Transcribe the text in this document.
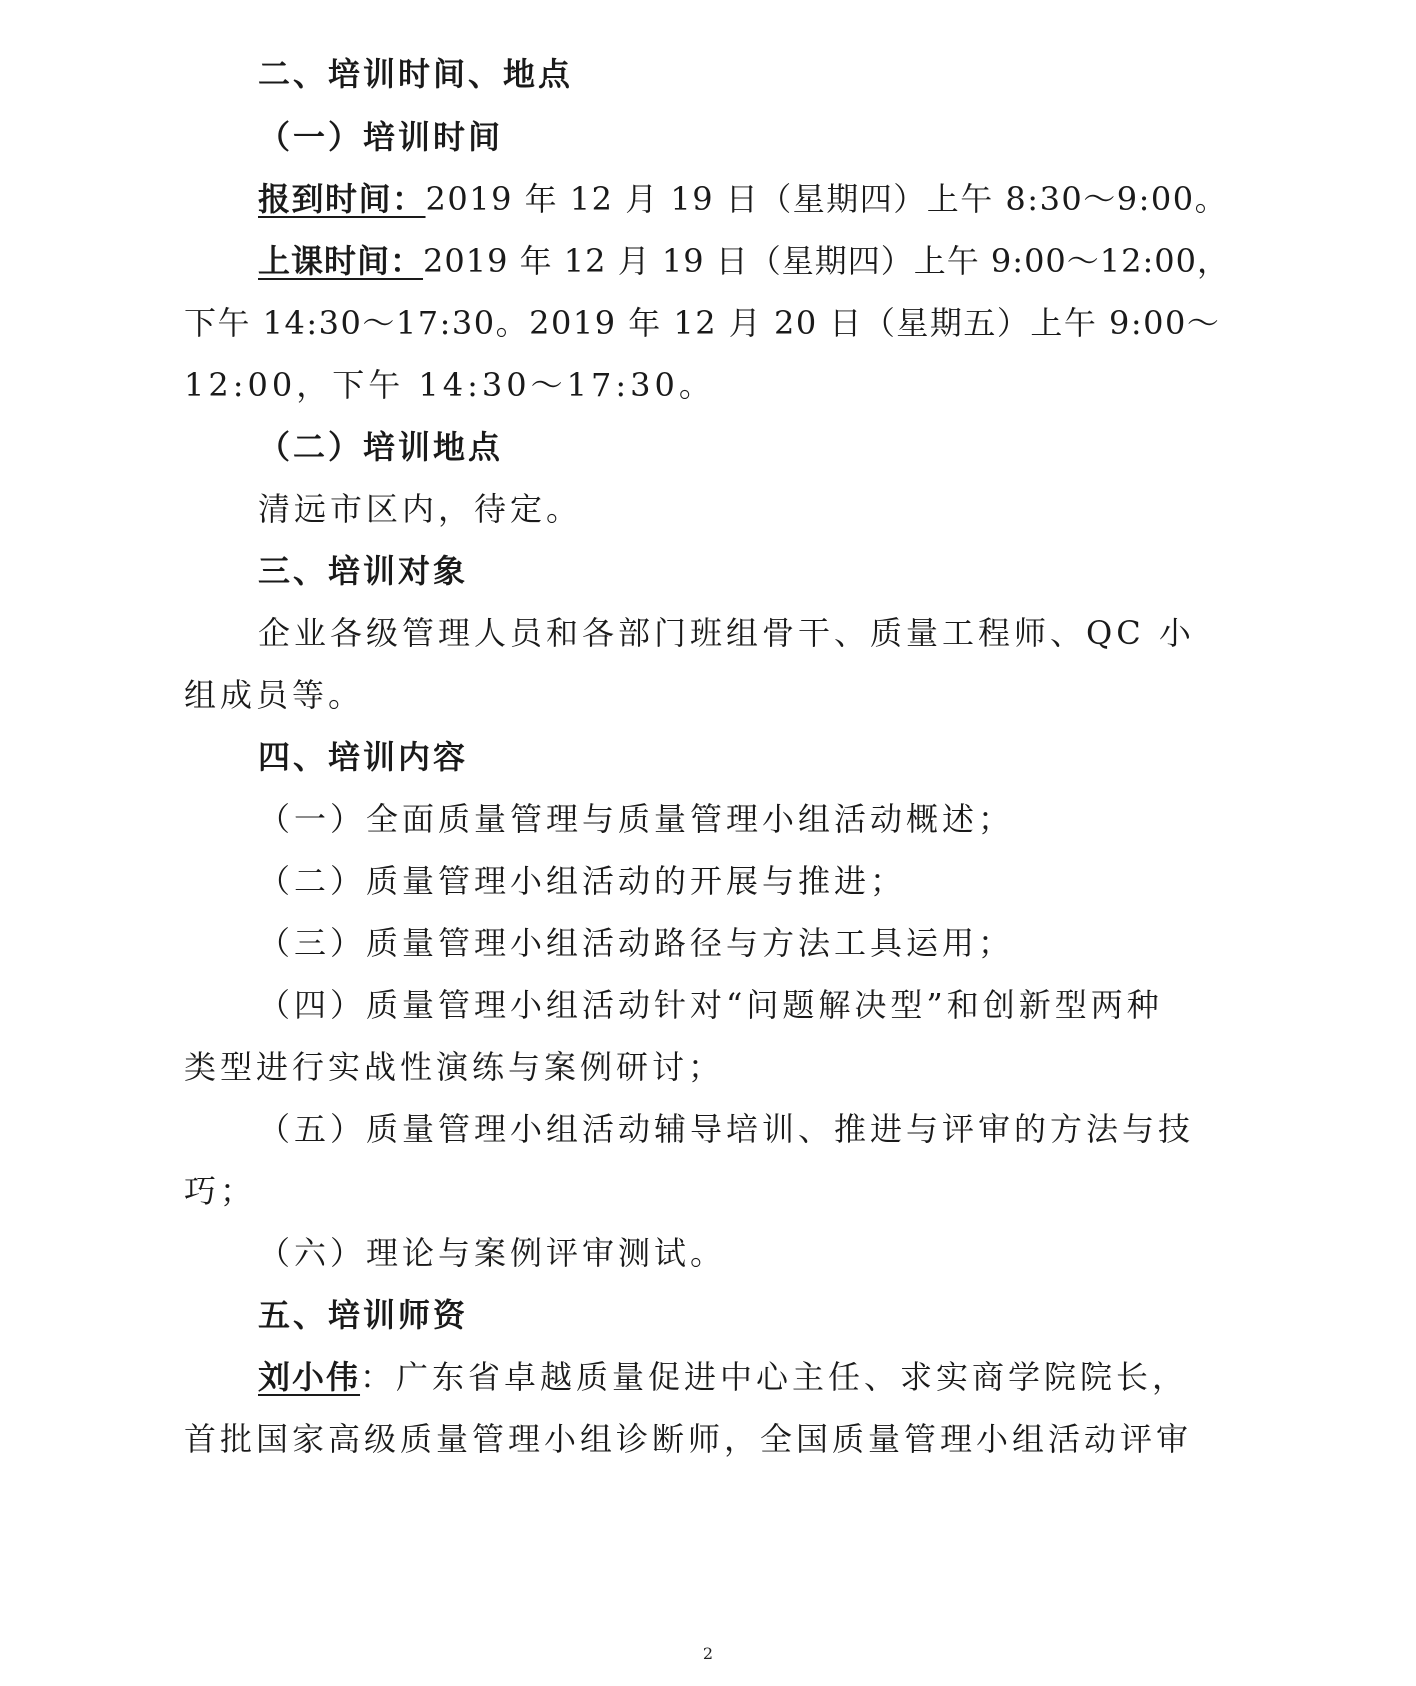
二、培训时间、地点
（一）培训时间
报到时间：2019 年 12 月 19 日（星期四）上午 8:30～9:00。
上课时间：2019 年 12 月 19 日（星期四）上午 9:00～12:00，
下午 14:30～17:30。2019 年 12 月 20 日（星期五）上午 9:00～
12:00，下午 14:30～17:30。
（二）培训地点
清远市区内，待定。
三、培训对象
企业各级管理人员和各部门班组骨干、质量工程师、QC 小
组成员等。
四、培训内容
（一）全面质量管理与质量管理小组活动概述；
（二）质量管理小组活动的开展与推进；
（三）质量管理小组活动路径与方法工具运用；
（四）质量管理小组活动针对“问题解决型”和创新型两种
类型进行实战性演练与案例研讨；
（五）质量管理小组活动辅导培训、推进与评审的方法与技
巧；
（六）理论与案例评审测试。
五、培训师资
刘小伟：广东省卓越质量促进中心主任、求实商学院院长，
首批国家高级质量管理小组诊断师，全国质量管理小组活动评审
2
